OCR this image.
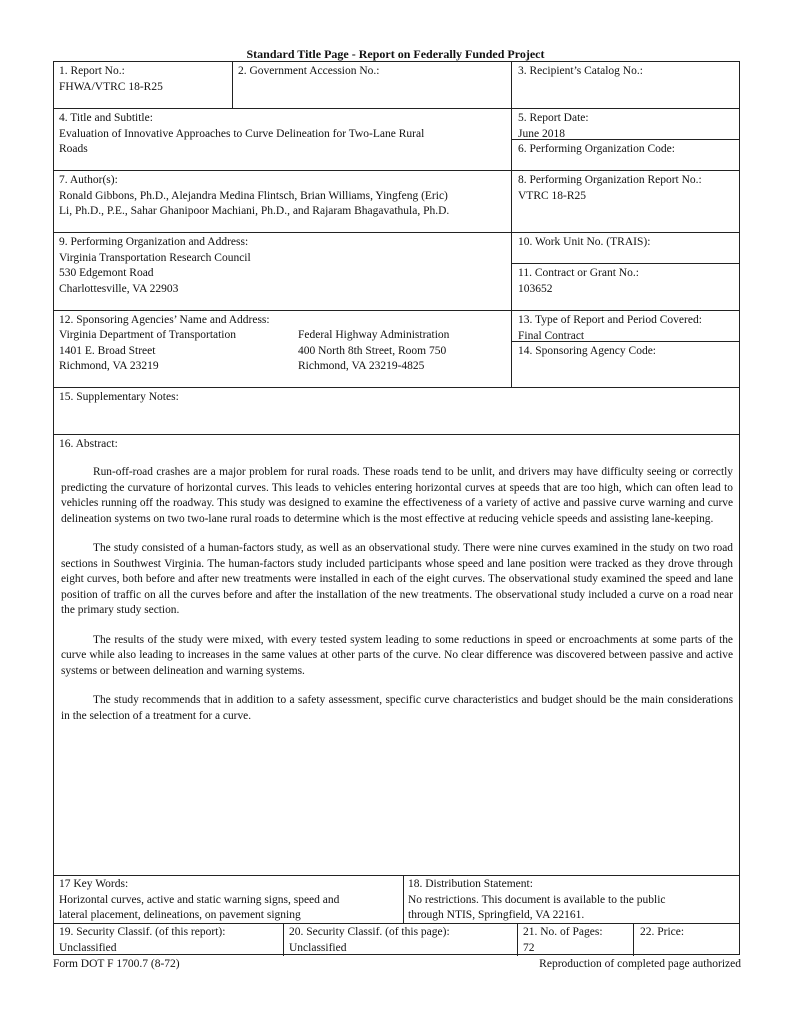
Standard Title Page - Report on Federally Funded Project
1. Report No.:
FHWA/VTRC 18-R25
2. Government Accession No.:	3. Recipient’s Catalog No.:
4. Title and Subtitle:
Evaluation of Innovative Approaches to Curve Delineation for Two-Lane Rural
Roads
5. Report Date:
June 2018
6. Performing Organization Code:
7. Author(s):
Ronald Gibbons, Ph.D., Alejandra Medina Flintsch, Brian Williams, Yingfeng (Eric)
Li, Ph.D., P.E., Sahar Ghanipoor Machiani, Ph.D., and Rajaram Bhagavathula, Ph.D.
8. Performing Organization Report No.:
VTRC 18-R25
9. Performing Organization and Address:
Virginia Transportation Research Council
530 Edgemont Road
Charlottesville, VA 22903
10. Work Unit No. (TRAIS):
11. Contract or Grant No.:
103652
12. Sponsoring Agencies’ Name and Address:
Virginia Department of Transportation
1401 E. Broad Street
Richmond, VA 23219
Federal Highway Administration
400 North 8th Street, Room 750
Richmond, VA 23219-4825
13. Type of Report and Period Covered:
Final Contract
14. Sponsoring Agency Code:
15. Supplementary Notes:
16. Abstract:

Run-off-road crashes are a major problem for rural roads. These roads tend to be unlit, and drivers may have difficulty seeing or correctly predicting the curvature of horizontal curves. This leads to vehicles entering horizontal curves at speeds that are too high, which can often lead to vehicles running off the roadway. This study was designed to examine the effectiveness of a variety of active and passive curve warning and curve delineation systems on two two-lane rural roads to determine which is the most effective at reducing vehicle speeds and assisting lane-keeping.

The study consisted of a human-factors study, as well as an observational study. There were nine curves examined in the study on two road sections in Southwest Virginia. The human-factors study included participants whose speed and lane position were tracked as they drove through eight curves, both before and after new treatments were installed in each of the eight curves. The observational study examined the speed and lane position of traffic on all the curves before and after the installation of the new treatments. The observational study included a curve on a road near the primary study section.

The results of the study were mixed, with every tested system leading to some reductions in speed or encroachments at some parts of the curve while also leading to increases in the same values at other parts of the curve. No clear difference was discovered between passive and active systems or between delineation and warning systems.

The study recommends that in addition to a safety assessment, specific curve characteristics and budget should be the main considerations in the selection of a treatment for a curve.

17 Key Words:
Horizontal curves, active and static warning signs, speed and
lateral placement, delineations, on pavement signing
18. Distribution Statement:
No restrictions. This document is available to the public
through NTIS, Springfield, VA 22161.
19. Security Classif. (of this report):
Unclassified
20. Security Classif. (of this page):
Unclassified
21. No. of Pages:
72
22. Price:
Form DOT F 1700.7 (8-72)	Reproduction of completed page authorized
